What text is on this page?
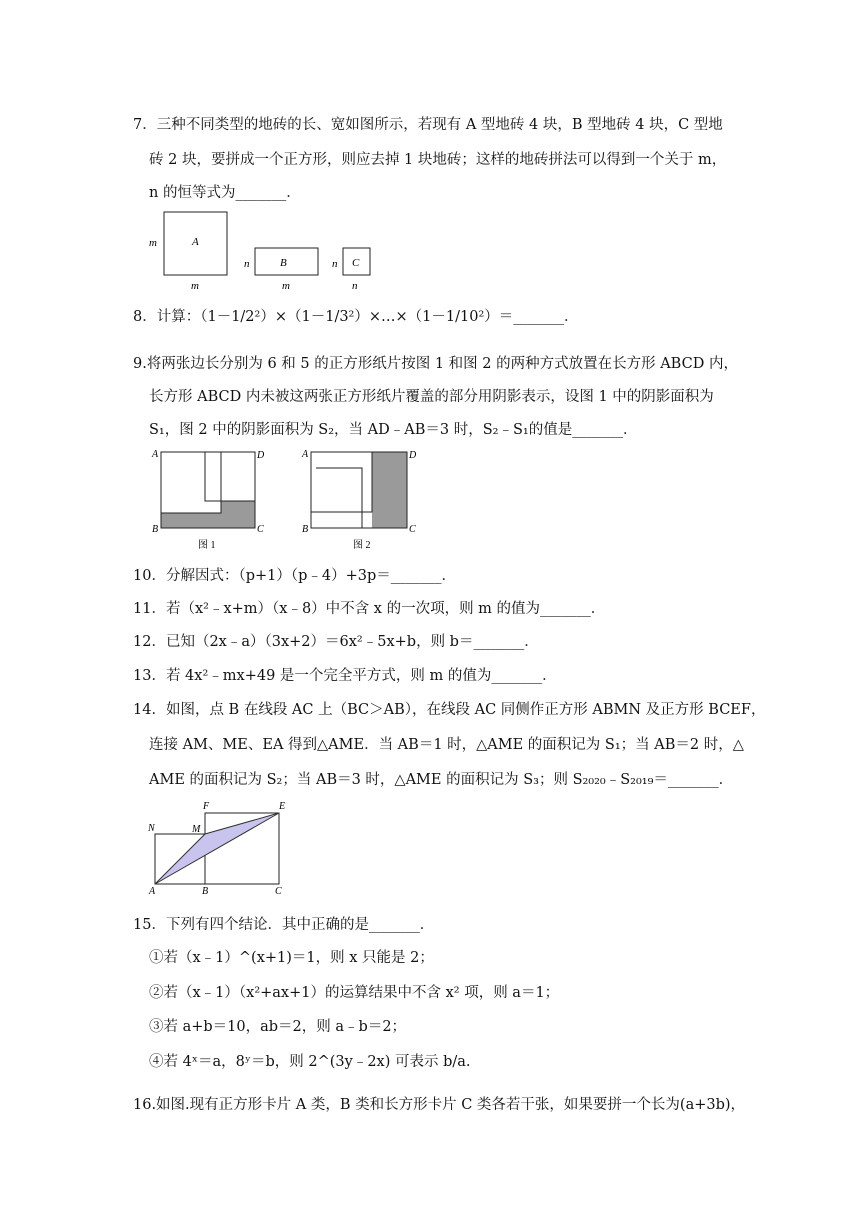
7．三种不同类型的地砖的长、宽如图所示，若现有 A 型地砖 4 块，B 型地砖 4 块，C 型地
砖 2 块，要拼成一个正方形，则应去掉 1 块地砖；这样的地砖拼法可以得到一个关于 m，
n 的恒等式为_______．
A
m
m
B
n
m
C
n
n
8．计算：（1－1/2²）×（1－1/3²）×…×（1－1/10²）＝_______．
9.将两张边长分别为 6 和 5 的正方形纸片按图 1 和图 2 的两种方式放置在长方形 ABCD 内，
长方形 ABCD 内未被这两张正方形纸片覆盖的部分用阴影表示，设图 1 中的阴影面积为
S₁，图 2 中的阴影面积为 S₂，当 AD﹣AB＝3 时，S₂﹣S₁的值是_______．
A	D
B	C
图 1
A	D
B	C
图 2
10．分解因式：（p+1）（p﹣4）+3p＝_______．
11．若（x²﹣x+m）（x﹣8）中不含 x 的一次项，则 m 的值为_______．
12．已知（2x﹣a）（3x+2）＝6x²﹣5x+b，则 b＝_______．
13．若 4x²﹣mx+49 是一个完全平方式，则 m 的值为_______．
14．如图，点 B 在线段 AC 上（BC＞AB），在线段 AC 同侧作正方形 ABMN 及正方形 BCEF，
连接 AM、ME、EA 得到△AME．当 AB＝1 时，△AME 的面积记为 S₁；当 AB＝2 时，△
AME 的面积记为 S₂；当 AB＝3 时，△AME 的面积记为 S₃；则 S₂₀₂₀﹣S₂₀₁₉＝_______．
A	B	C
E
F
M
N
15．下列有四个结论．其中正确的是_______．
①若（x﹣1）^(x+1)＝1，则 x 只能是 2；
②若（x﹣1）（x²+ax+1）的运算结果中不含 x² 项，则 a＝1；
③若 a+b＝10，ab＝2，则 a﹣b＝2；
④若 4ˣ＝a，8ʸ＝b，则 2^(3y﹣2x) 可表示 b/a.
16.如图.现有正方形卡片 A 类，B 类和长方形卡片 C 类各若干张，如果要拼一个长为(a+3b)，
